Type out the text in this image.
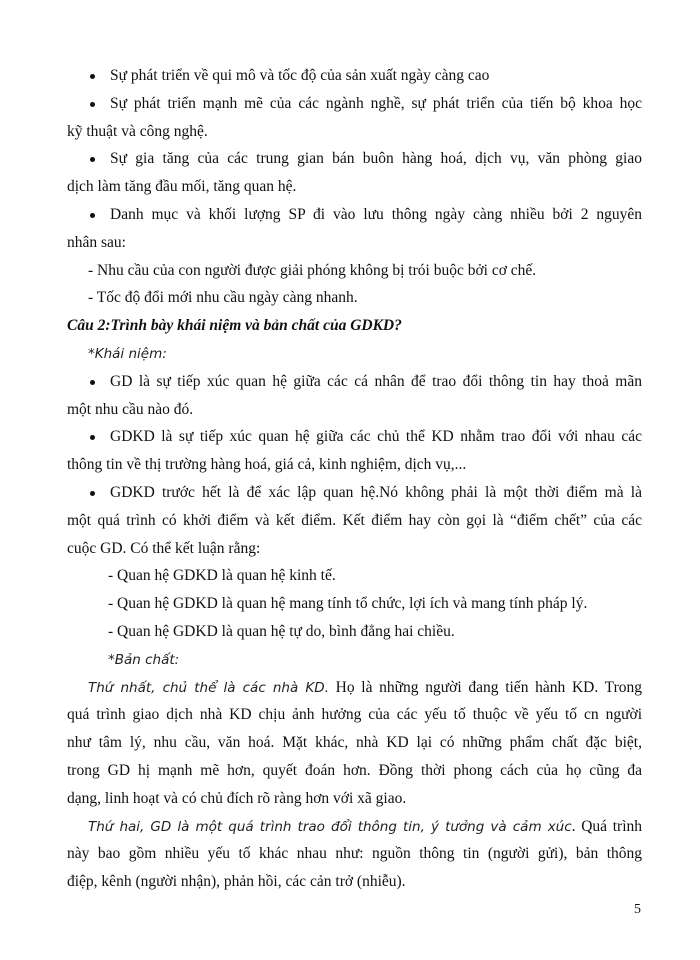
Sự phát triển về qui mô và tốc độ của sản xuất ngày càng cao
Sự phát triển mạnh mẽ của các ngành nghề, sự phát triển của tiến bộ khoa học
kỹ thuật và công nghệ.
Sự gia tăng của các trung gian bán buôn hàng hoá, dịch vụ, văn phòng giao
dịch làm tăng đầu mối, tăng quan hệ.
Danh mục và khối lượng SP đi vào lưu thông ngày càng nhiều bởi 2 nguyên
nhân sau:
- Nhu cầu của con người được giải phóng không bị trói buộc bởi cơ chế.
- Tốc độ đổi mới nhu cầu ngày càng nhanh.
Câu 2:Trình bày khái niệm và bản chất của GDKD?
*Khái niệm:
GD là sự tiếp xúc quan hệ giữa các cá nhân để trao đổi thông tin hay thoả mãn
một nhu cầu nào đó.
GDKD là sự tiếp xúc quan hệ giữa các chủ thể KD nhằm trao đổi với nhau các
thông tin về thị trường hàng hoá, giá cả, kinh nghiệm, dịch vụ,...
GDKD trước hết là để xác lập quan hệ.Nó không phải là một thời điểm mà là
một quá trình có khởi điểm và kết điểm. Kết điểm hay còn gọi là “điểm chết” của các
cuộc GD. Có thể kết luận rằng:
- Quan hệ GDKD là quan hệ kinh tế.
- Quan hệ GDKD là quan hệ mang tính tổ chức, lợi ích và mang tính pháp lý.
- Quan hệ GDKD là quan hệ tự do, bình đẳng hai chiều.
*Bản chất:
Thứ nhất, chủ thể là các nhà KD. Họ là những người đang tiến hành KD. Trong
quá trình giao dịch nhà KD chịu ảnh hưởng của các yếu tố thuộc về yếu tố cn người
như tâm lý, nhu cầu, văn hoá. Mặt khác, nhà KD lại có những phẩm chất đặc biệt,
trong GD hị mạnh mẽ hơn, quyết đoán hơn. Đồng thời phong cách của họ cũng đa
dạng, linh hoạt và có chủ đích rõ ràng hơn với xã giao.
Thứ hai, GD là một quá trình trao đổi thông tin, ý tưởng và cảm xúc. Quá trình
này bao gồm nhiều yếu tố khác nhau như: nguồn thông tin (người gửi), bản thông
điệp, kênh (người nhận), phản hồi, các cản trở (nhiễu).
5
